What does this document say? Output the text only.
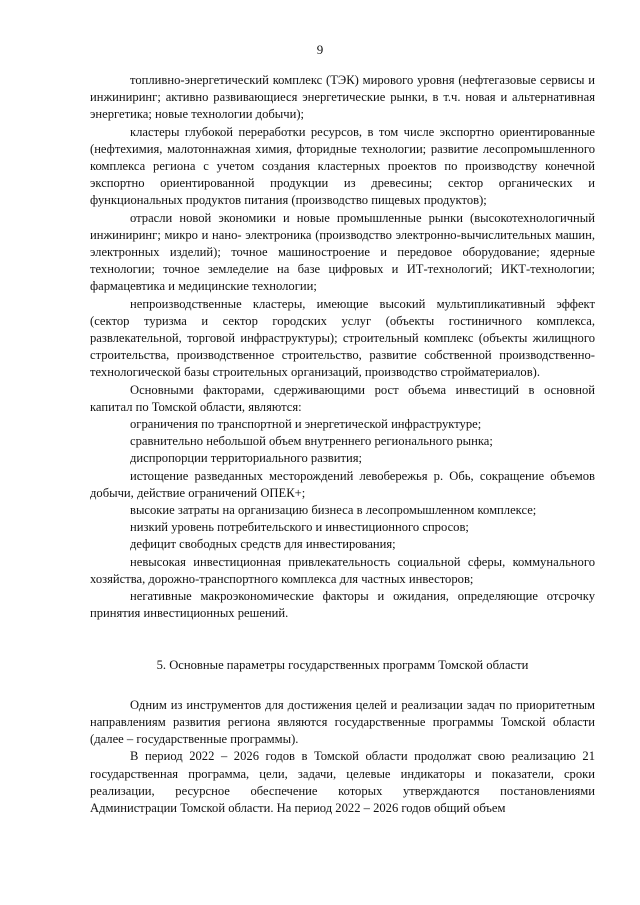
9

топливно-энергетический комплекс (ТЭК) мирового уровня (нефтегазовые сервисы и инжиниринг; активно развивающиеся энергетические рынки, в т.ч. новая и альтернативная энергетика; новые технологии добычи);

кластеры глубокой переработки ресурсов, в том числе экспортно ориентированные (нефтехимия, малотоннажная химия, фторидные технологии; развитие лесопромышленного комплекса региона с учетом создания кластерных проектов по производству конечной экспортно ориентированной продукции из древесины; сектор органических и функциональных продуктов питания (производство пищевых продуктов);

отрасли новой экономики и новые промышленные рынки (высокотехнологичный инжиниринг; микро и нано- электроника (производство электронно-вычислительных машин, электронных изделий); точное машиностроение и передовое оборудование; ядерные технологии; точное земледелие на базе цифровых и ИТ-технологий; ИКТ-технологии; фармацевтика и медицинские технологии;

непроизводственные кластеры, имеющие высокий мультипликативный эффект (сектор туризма и сектор городских услуг (объекты гостиничного комплекса, развлекательной, торговой инфраструктуры); строительный комплекс (объекты жилищного строительства, производственное строительство, развитие собственной производственно-технологической базы строительных организаций, производство стройматериалов).

Основными факторами, сдерживающими рост объема инвестиций в основной капитал по Томской области, являются:

ограничения по транспортной и энергетической инфраструктуре;

сравнительно небольшой объем внутреннего регионального рынка;

диспропорции территориального развития;

истощение разведанных месторождений левобережья р. Обь, сокращение объемов добычи, действие ограничений ОПЕК+;

высокие затраты на организацию бизнеса в лесопромышленном комплексе;

низкий уровень потребительского и инвестиционного спросов;

дефицит свободных средств для инвестирования;

невысокая инвестиционная привлекательность социальной сферы, коммунального хозяйства, дорожно-транспортного комплекса для частных инвесторов;

негативные макроэкономические факторы и ожидания, определяющие отсрочку принятия инвестиционных решений.

5. Основные параметры государственных программ Томской области

Одним из инструментов для достижения целей и реализации задач по приоритетным направлениям развития региона являются государственные программы Томской области (далее – государственные программы).

В период 2022 – 2026 годов в Томской области продолжат свою реализацию 21 государственная программа, цели, задачи, целевые индикаторы и показатели, сроки реализации, ресурсное обеспечение которых утверждаются постановлениями Администрации Томской области. На период 2022 – 2026 годов общий объем
